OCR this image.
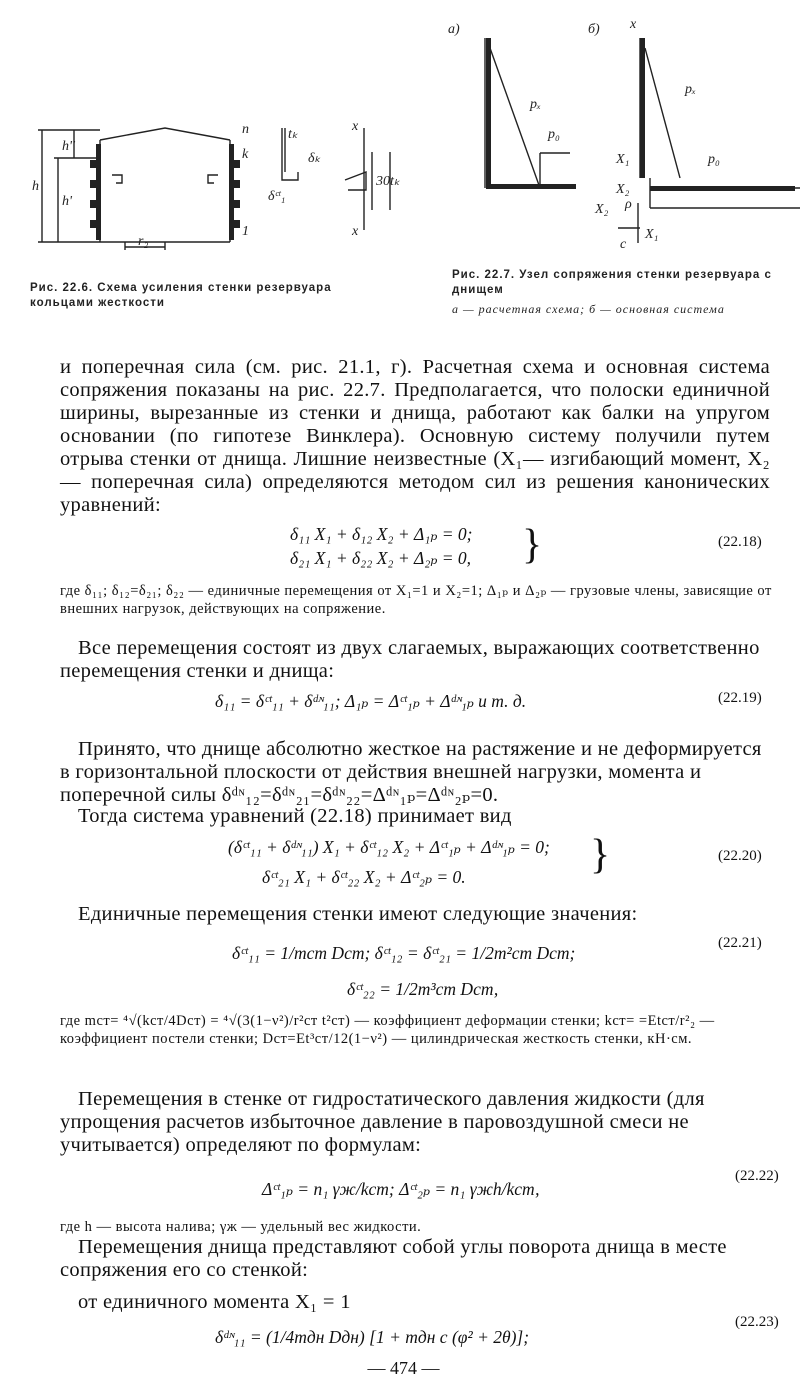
h
h''
h'
r₂
n
k
1
tₖ
δₖ
δᶜᵗ₁
x
x
30tₖ
Рис. 22.6. Схема усиления стенки резервуара кольцами жесткости
а)	б)
pₓ
p₀
x
pₓ
p₀
X₁
X₂
X₂
X₁
c
ρ
Рис. 22.7. Узел сопряжения стенки резервуара с днищем
а — расчетная схема; б — основная система
и поперечная сила (см. рис. 21.1, г). Расчетная схема и основная система сопряжения показаны на рис. 22.7. Предполагается, что полоски единичной ширины, вырезанные из стенки и днища, работают как балки на упругом основании (по гипотезе Винклера). Основную систему получили путем отрыва стенки от днища. Лишние неизвестные (X₁— изгибающий момент, X₂— поперечная сила) определяются методом сил из решения канонических уравнений:
δ₁₁ X₁ + δ₁₂ X₂ + Δ₁ₚ = 0;
δ₂₁ X₁ + δ₂₂ X₂ + Δ₂ₚ = 0, }	(22.18)
где δ₁₁; δ₁₂=δ₂₁; δ₂₂ — единичные перемещения от X₁=1 и X₂=1; Δ₁ₚ и Δ₂ₚ — грузовые члены, зависящие от внешних нагрузок, действующих на сопряжение.
Все перемещения состоят из двух слагаемых, выражающих соответственно перемещения стенки и днища:
δ₁₁ = δᶜᵗ₁₁ + δᵈᶰ₁₁; Δ₁ₚ = Δᶜᵗ₁ₚ + Δᵈᶰ₁ₚ и т. д.	(22.19)
Принято, что днище абсолютно жесткое на растяжение и не деформируется в горизонтальной плоскости от действия внешней нагрузки, момента и поперечной силы δᵈᶰ₁₂=δᵈᶰ₂₁=δᵈᶰ₂₂=Δᵈᶰ₁ₚ=Δᵈᶰ₂ₚ=0.
Тогда система уравнений (22.18) принимает вид
(δᶜᵗ₁₁ + δᵈᶰ₁₁) X₁ + δᶜᵗ₁₂ X₂ + Δᶜᵗ₁ₚ + Δᵈᶰ₁ₚ = 0;
δᶜᵗ₂₁ X₁ + δᶜᵗ₂₂ X₂ + Δᶜᵗ₂ₚ = 0.	}	(22.20)
Единичные перемещения стенки имеют следующие значения:
δᶜᵗ₁₁ = 1/mст Dст; δᶜᵗ₁₂ = δᶜᵗ₂₁ = 1/2m²ст Dст;
δᶜᵗ₂₂ = 1/2m³ст Dст,
(22.21)
где mст= ⁴√(kст/4Dст) = ⁴√(3(1−ν²)/r²ст t²ст) — коэффициент деформации стенки; kст= =Etст/r²₂ — коэффициент постели стенки; Dст=Et³ст/12(1−ν²) — цилиндрическая жесткость стенки, кН·см.
Перемещения в стенке от гидростатического давления жидкости (для упрощения расчетов избыточное давление в паровоздушной смеси не учитывается) определяют по формулам:
Δᶜᵗ₁ₚ = n₁ γж/kст; Δᶜᵗ₂ₚ = n₁ γжh/kст,
(22.22)
где h — высота налива; γж — удельный вес жидкости.
Перемещения днища представляют собой углы поворота днища в месте сопряжения его со стенкой:
от единичного момента X₁ = 1
δᵈᶰ₁₁ = (1/4mдн Dдн) [1 + mдн c (φ² + 2θ)];
(22.23)
— 474 —
